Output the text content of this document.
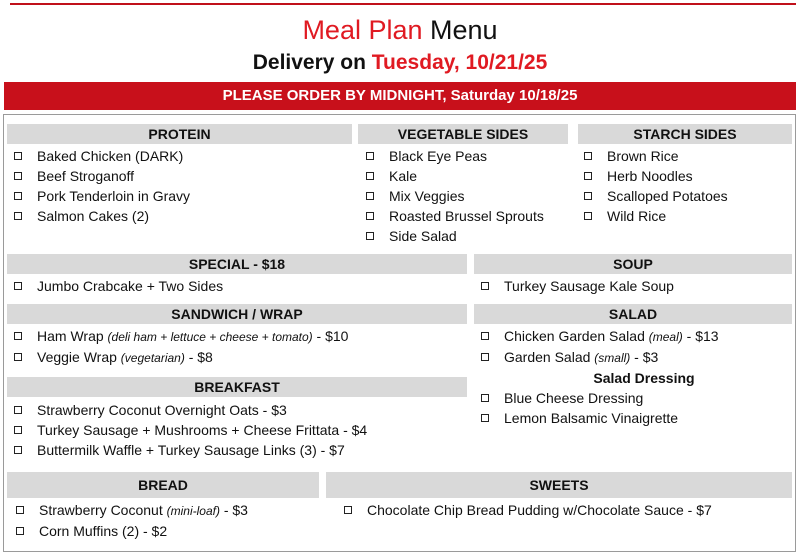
Meal Plan Menu
Delivery on Tuesday, 10/21/25
PLEASE ORDER BY MIDNIGHT, Saturday 10/18/25
PROTEIN
Baked Chicken (DARK)
Beef Stroganoff
Pork Tenderloin in Gravy
Salmon Cakes (2)
VEGETABLE SIDES
Black Eye Peas
Kale
Mix Veggies
Roasted Brussel Sprouts
Side Salad
STARCH SIDES
Brown Rice
Herb Noodles
Scalloped Potatoes
Wild Rice
SPECIAL - $18
Jumbo Crabcake + Two Sides
SOUP
Turkey Sausage Kale Soup
SANDWICH / WRAP
Ham Wrap (deli ham + lettuce + cheese + tomato) - $10
Veggie Wrap (vegetarian) - $8
SALAD
Chicken Garden Salad (meal) - $13
Garden Salad (small) - $3
Salad Dressing
Blue Cheese Dressing
Lemon Balsamic Vinaigrette
BREAKFAST
Strawberry Coconut Overnight Oats - $3
Turkey Sausage + Mushrooms + Cheese Frittata - $4
Buttermilk Waffle + Turkey Sausage Links (3) - $7
BREAD
Strawberry Coconut (mini-loaf) - $3
Corn Muffins (2) - $2
SWEETS
Chocolate Chip Bread Pudding w/Chocolate Sauce - $7
